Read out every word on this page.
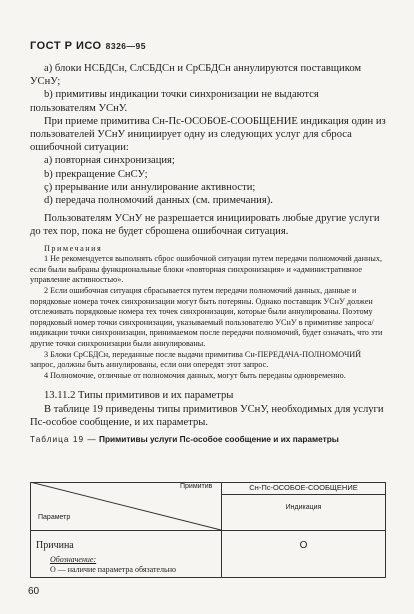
ГОСТ Р ИСО 8326—95

a) блоки НСБДСн, СлСБДСн и СрСБДСн аннулируются поставщиком УСнУ;

b) примитивы индикации точки синхронизации не выдаются пользователям УСнУ.

При приеме примитива Сн-Пс-ОСОБОЕ-СООБЩЕНИЕ индикация один из пользователей УСнУ инициирует одну из следующих услуг для сброса ошибочной ситуации:

a) повторная синхронизация;

b) прекращение СнСУ;

ç) прерывание или аннулирование активности;

d) передача полномочий данных (см. примечания).

Пользователям УСнУ не разрешается инициировать любые другие услуги до тех пор, пока не будет сброшена ошибочная ситуация.

Примечания

1 Не рекомендуется выполнять сброс ошибочной ситуации путем передачи полномочий данных, если были выбраны функциональные блоки «повторная синхронизация» и «административное управление активностью».

2 Если ошибочная ситуация сбрасывается путем передачи полномочий данных, данные и порядковые номера точек синхронизации могут быть потеряны. Однако поставщик УСнУ должен отслеживать порядковые номера тех точек синхронизации, которые были аннулированы. Поэтому порядковый номер точки синхронизации, указываемый пользователю УСнУ в примитиве запроса/индикации точки синхронизации, принимаемом после передачи полномочий, будет означать, что эти другие точки синхронизации были аннулированы.

3 Блоки СрСБДСн, переданные после выдачи примитива Сн-ПЕРЕДАЧА-ПОЛНОМОЧИЙ запрос, должны быть аннулированы, если они опередят этот запрос.

4 Полномочие, отличные от полномочия данных, могут быть переданы одновременно.

13.11.2 Типы примитивов и их параметры

В таблице 19 приведены типы примитивов УСнУ, необходимых для услуги Пс-особое сообщение, и их параметры.

Таблица 19 — Примитивы услуги Пс-особое сообщение и их параметры

Примитив	Сн-Пс-ОСОБОЕ-СООБЩЕНИЕ
Параметр
Индикация
Причина	О
Обозначение:
О — наличие параметра обязательно
60
